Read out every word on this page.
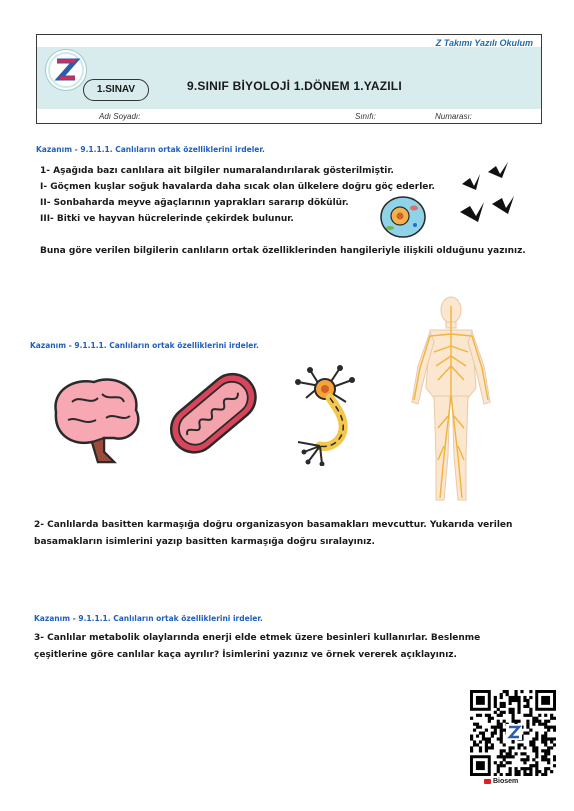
Z Takımı Yazılı Okulum
1.SINAV	9.SINIF BİYOLOJİ 1.DÖNEM 1.YAZILI
Adı Soyadı:	Sınıfı:	Numarası:
Kazanım - 9.1.1.1. Canlıların ortak özelliklerini irdeler.
1- Aşağıda bazı canlılara ait bilgiler numaralandırılarak gösterilmiştir.
I- Göçmen kuşlar soğuk havalarda daha sıcak olan ülkelere doğru göç ederler.
II- Sonbaharda meyve ağaçlarının yaprakları sararıp dökülür.
III- Bitki ve hayvan hücrelerinde çekirdek bulunur.
Buna göre verilen bilgilerin canlıların ortak özelliklerinden hangileriyle ilişkili olduğunu yazınız.
Kazanım - 9.1.1.1. Canlıların ortak özelliklerini irdeler.
2- Canlılarda basitten karmaşığa doğru organizasyon basamakları mevcuttur. Yukarıda verilen
basamakların isimlerini yazıp basitten karmaşığa doğru sıralayınız.
Kazanım - 9.1.1.1. Canlıların ortak özelliklerini irdeler.
3- Canlılar metabolik olaylarında enerji elde etmek üzere besinleri kullanırlar. Beslenme
çeşitlerine göre canlılar kaça ayrılır? İsimlerini yazınız ve örnek vererek açıklayınız.
Biosem
